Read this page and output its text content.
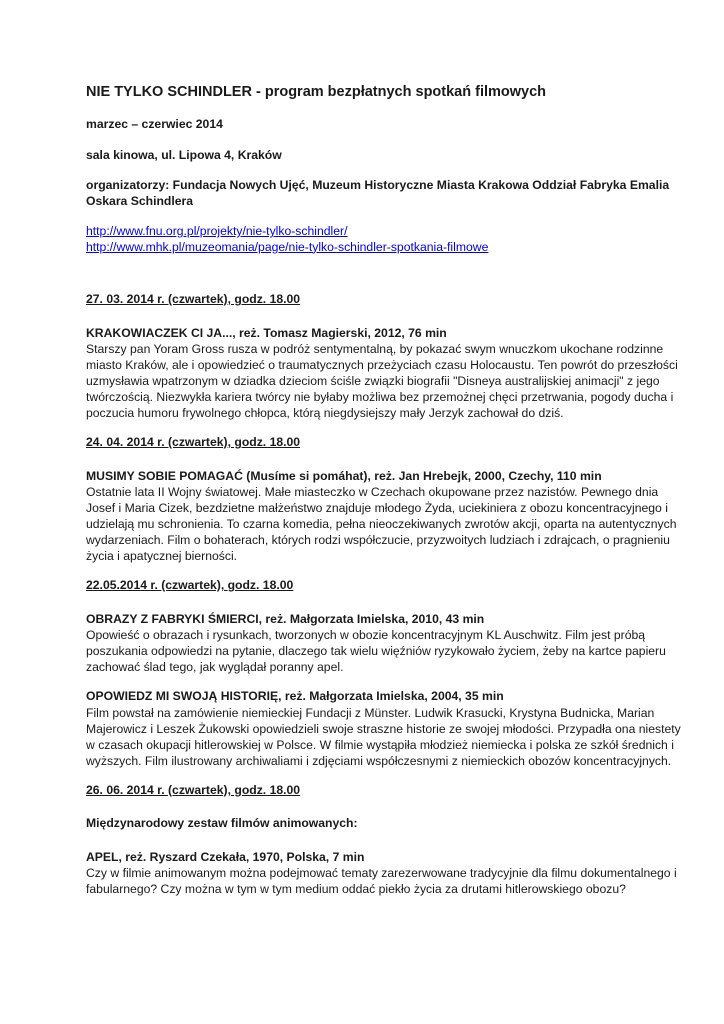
NIE TYLKO SCHINDLER - program bezpłatnych spotkań filmowych

marzec – czerwiec 2014

sala kinowa, ul. Lipowa 4, Kraków

organizatorzy: Fundacja Nowych Ujęć, Muzeum Historyczne Miasta Krakowa Oddział Fabryka Emalia Oskara Schindlera

http://www.fnu.org.pl/projekty/nie-tylko-schindler/
http://www.mhk.pl/muzeomania/page/nie-tylko-schindler-spotkania-filmowe

27. 03. 2014 r. (czwartek), godz. 18.00

KRAKOWIACZEK CI JA..., reż. Tomasz Magierski, 2012, 76 min

Starszy pan Yoram Gross rusza w podróż sentymentalną, by pokazać swym wnuczkom ukochane rodzinne miasto Kraków, ale i opowiedzieć o traumatycznych przeżyciach czasu Holocaustu. Ten powrót do przeszłości uzmysławia wpatrzonym w dziadka dzieciom ściśle związki biografii "Disneya australijskiej animacji" z jego twórczością. Niezwykła kariera twórcy nie byłaby możliwa bez przemożnej chęci przetrwania, pogody ducha i poczucia humoru frywolnego chłopca, którą niegdysiejszy mały Jerzyk zachował do dziś.

24. 04. 2014 r. (czwartek), godz. 18.00

MUSIMY SOBIE POMAGAĆ (Musíme si pomáhat), reż. Jan Hrebejk, 2000, Czechy, 110 min

Ostatnie lata II Wojny światowej. Małe miasteczko w Czechach okupowane przez nazistów. Pewnego dnia Josef i Maria Cizek, bezdzietne małżeństwo znajduje młodego Żyda, uciekiniera z obozu koncentracyjnego i udzielają mu schronienia. To czarna komedia, pełna nieoczekiwanych zwrotów akcji, oparta na autentycznych wydarzeniach. Film o bohaterach, których rodzi współczucie, przyzwoitych ludziach i zdrajcach, o pragnieniu życia i apatycznej bierności.

22.05.2014 r. (czwartek), godz. 18.00

OBRAZY Z FABRYKI ŚMIERCI, reż. Małgorzata Imielska, 2010, 43 min

Opowieść o obrazach i rysunkach, tworzonych w obozie koncentracyjnym KL Auschwitz. Film jest próbą poszukania odpowiedzi na pytanie, dlaczego tak wielu więźniów ryzykowało życiem, żeby na kartce papieru zachować ślad tego, jak wyglądał poranny apel.

OPOWIEDZ MI SWOJĄ HISTORIĘ, reż. Małgorzata Imielska, 2004, 35 min

Film powstał na zamówienie niemieckiej Fundacji z Münster. Ludwik Krasucki, Krystyna Budnicka, Marian Majerowicz i Leszek Żukowski opowiedzieli swoje straszne historie ze swojej młodości. Przypadła ona niestety w czasach okupacji hitlerowskiej w Polsce. W filmie wystąpiła młodzież niemiecka i polska ze szkół średnich i wyższych. Film ilustrowany archiwaliami i zdjęciami współczesnymi z niemieckich obozów koncentracyjnych.

26. 06. 2014 r. (czwartek), godz. 18.00

Międzynarodowy zestaw filmów animowanych:

APEL, reż. Ryszard Czekała, 1970, Polska, 7 min

Czy w filmie animowanym można podejmować tematy zarezerwowane tradycyjnie dla filmu dokumentalnego i fabularnego? Czy można w tym w tym medium oddać piekło życia za drutami hitlerowskiego obozu?
